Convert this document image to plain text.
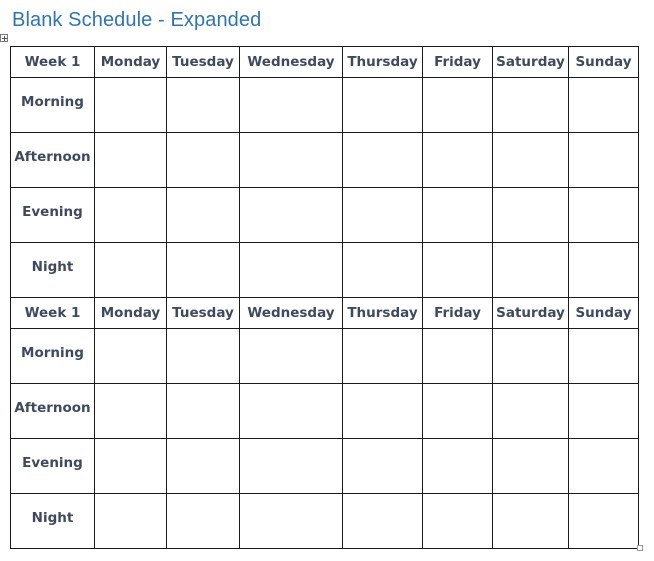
Blank Schedule - Expanded
Week 1	Monday	Tuesday	Wednesday	Thursday	Friday	Saturday	Sunday
Morning							
Afternoon							
Evening							
Night							
Week 1	Monday	Tuesday	Wednesday	Thursday	Friday	Saturday	Sunday
Morning							
Afternoon							
Evening							
Night							
